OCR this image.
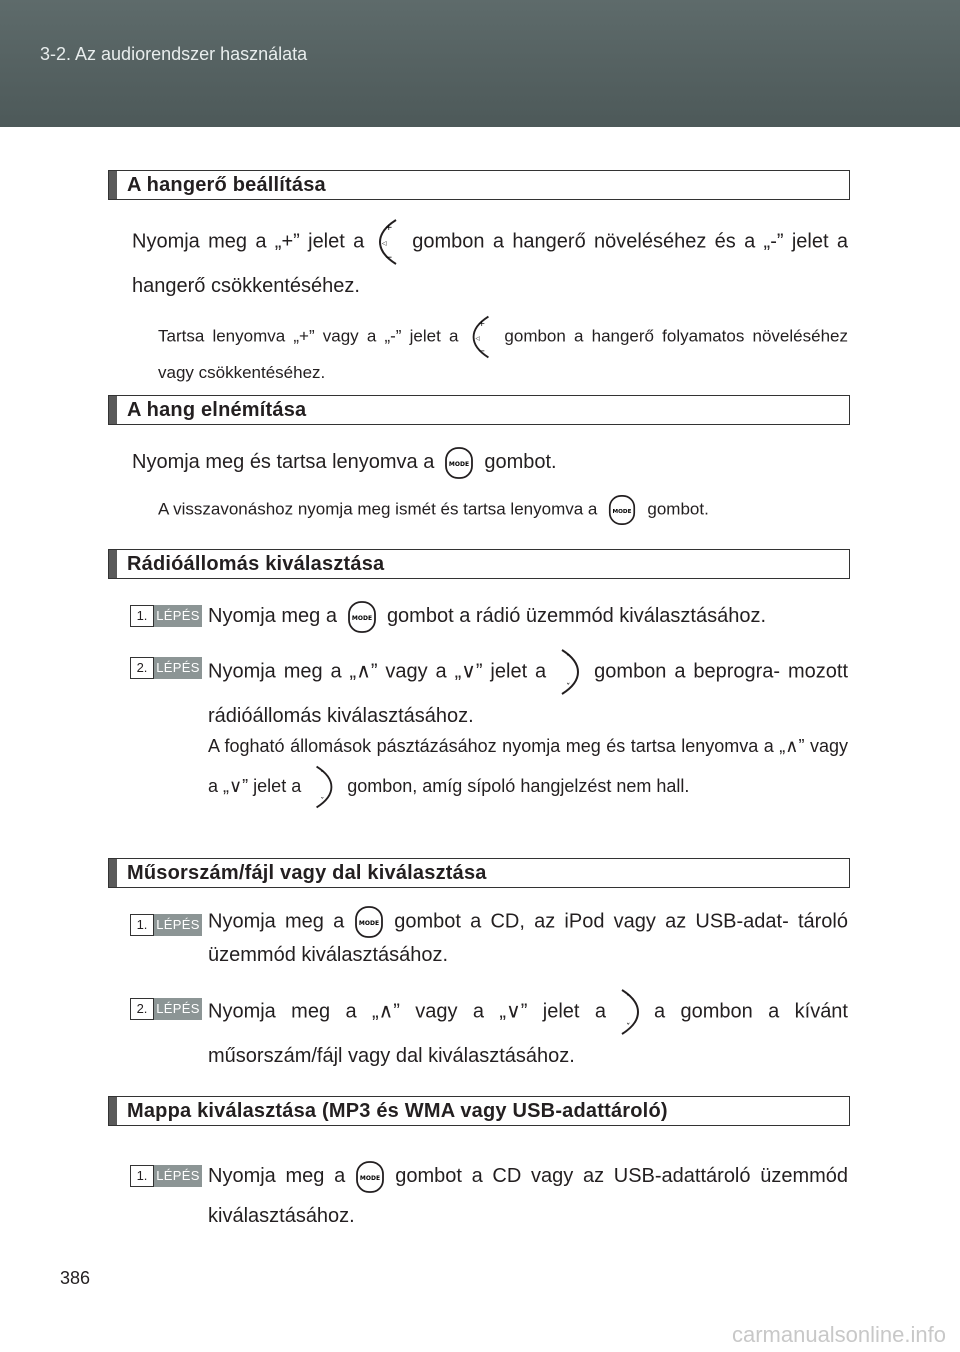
3-2. Az audiorendszer használata
A hangerő beállítása
Nyomja meg a „+” jelet a
+
−
◁ gombon a hangerő növeléséhez és a „-” jelet a hangerő csökkentéséhez.
Tartsa lenyomva „+” vagy a „-” jelet a
+
−
◁ gombon a hangerő folyamatos növeléséhez vagy csökkentéséhez.
A hang elnémítása
Nyomja meg és tartsa lenyomva a MODE gombot.
A visszavonáshoz nyomja meg ismét és tartsa lenyomva a	MODE gombot.
Rádióállomás kiválasztása
1. LÉPÉS Nyomja meg a MODE gombot a rádió üzemmód kiválasztásához.
2. LÉPÉS Nyomja meg a „∧” vagy a „∨” jelet a
ˆ
ˇ
gombon a beprogra- mozott rádióállomás kiválasztásához.
A fogható állomások pásztázásához nyomja meg és tartsa lenyomva a „∧” vagy a „∨” jelet a
ˆ
ˇ
gombon, amíg sípoló hangjelzést nem hall.
Műsorszám/fájl vagy dal kiválasztása
1. LÉPÉS Nyomja meg a MODE gombot a CD, az iPod vagy az USB-adat- tároló üzemmód kiválasztásához.
2. LÉPÉS Nyomja meg a „∧” vagy a „∨” jelet a
ˆ
ˇ
a gombon a kívánt műsorszám/fájl vagy dal kiválasztásához.
Mappa kiválasztása (MP3 és WMA vagy USB-adattároló)
1. LÉPÉS Nyomja meg a MODE gombot a CD vagy az USB-adattároló üzemmód kiválasztásához.
386
carmanualsonline.info
